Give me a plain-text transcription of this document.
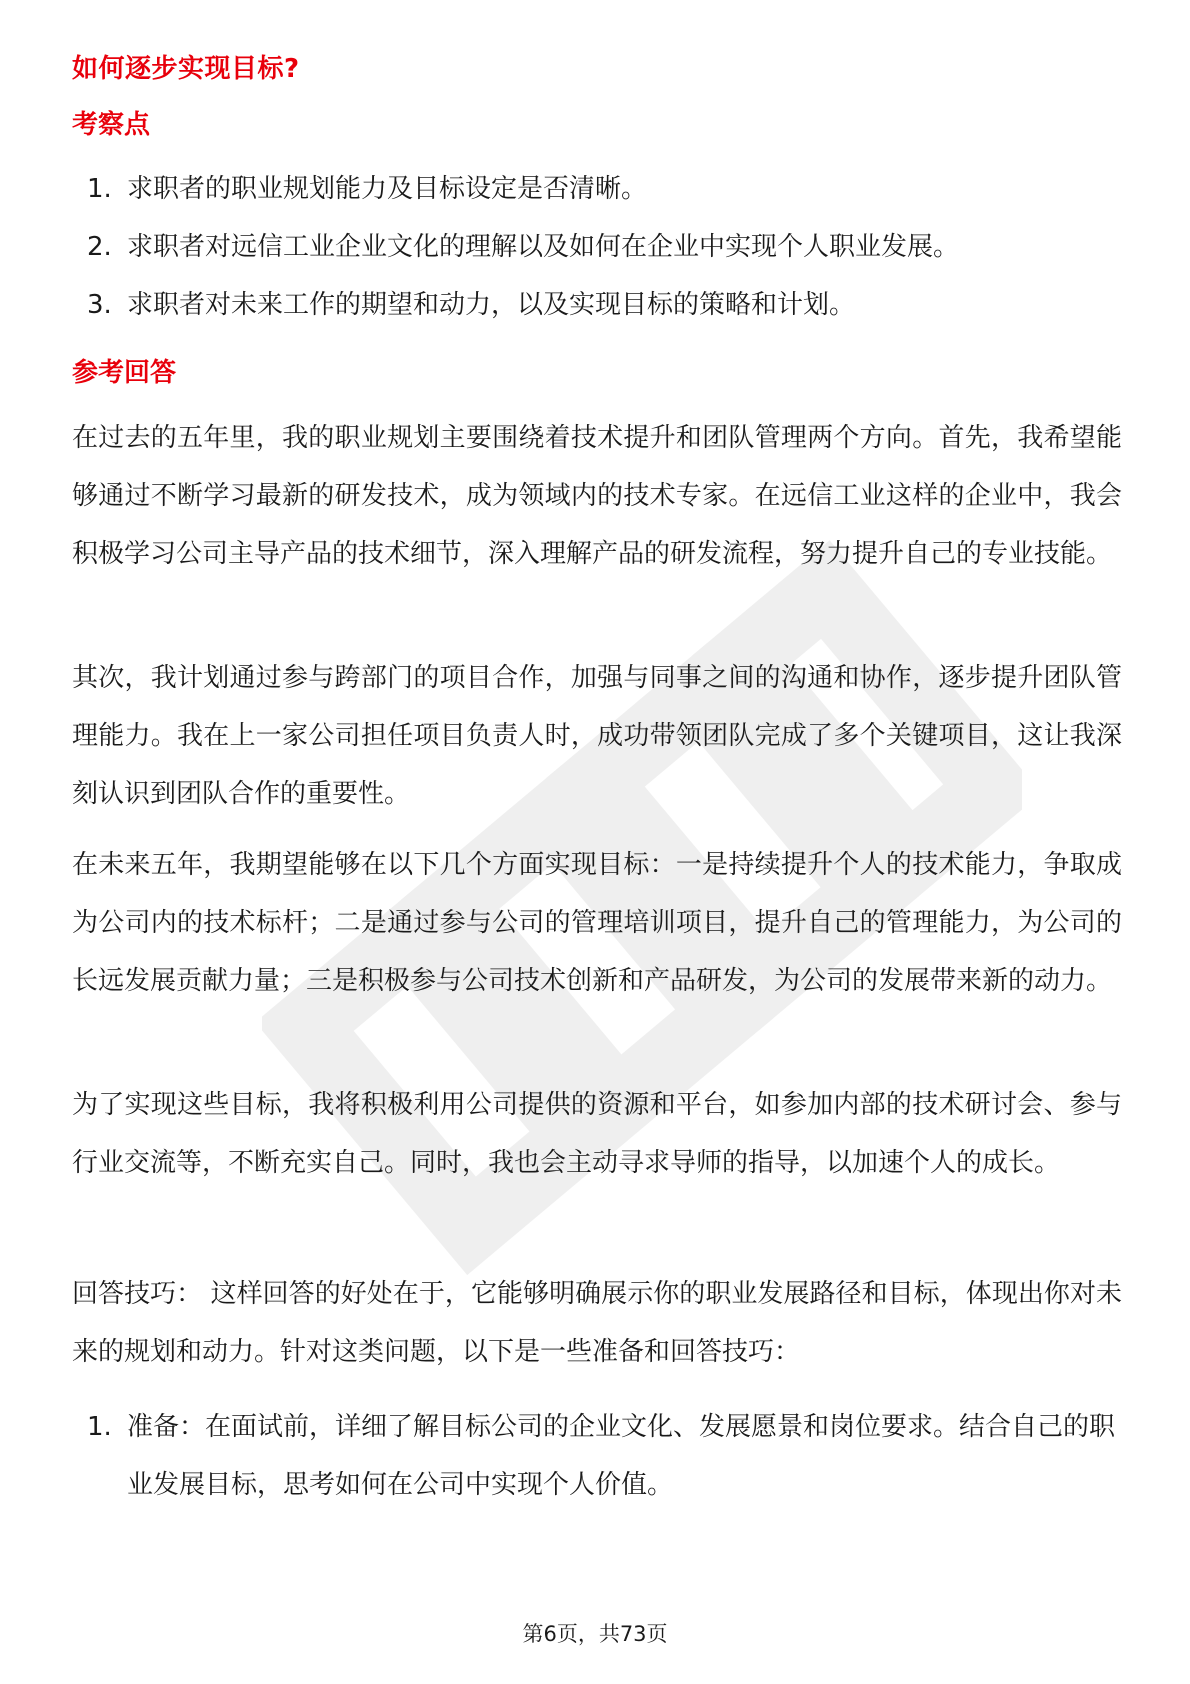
如何逐步实现目标?
考察点
1. 求职者的职业规划能力及目标设定是否清晰。
2. 求职者对远信工业企业文化的理解以及如何在企业中实现个人职业发展。
3. 求职者对未来工作的期望和动力，以及实现目标的策略和计划。
参考回答
在过去的五年里，我的职业规划主要围绕着技术提升和团队管理两个方向。首先，我希望能够通过不断学习最新的研发技术，成为领域内的技术专家。在远信工业这样的企业中，我会积极学习公司主导产品的技术细节，深入理解产品的研发流程，努力提升自己的专业技能。
其次，我计划通过参与跨部门的项目合作，加强与同事之间的沟通和协作，逐步提升团队管理能力。我在上一家公司担任项目负责人时，成功带领团队完成了多个关键项目，这让我深刻认识到团队合作的重要性。
在未来五年，我期望能够在以下几个方面实现目标：一是持续提升个人的技术能力，争取成为公司内的技术标杆；二是通过参与公司的管理培训项目，提升自己的管理能力，为公司的长远发展贡献力量；三是积极参与公司技术创新和产品研发，为公司的发展带来新的动力。
为了实现这些目标，我将积极利用公司提供的资源和平台，如参加内部的技术研讨会、参与行业交流等，不断充实自己。同时，我也会主动寻求导师的指导，以加速个人的成长。
回答技巧： 这样回答的好处在于，它能够明确展示你的职业发展路径和目标，体现出你对未来的规划和动力。针对这类问题，以下是一些准备和回答技巧：
1. 准备：在面试前，详细了解目标公司的企业文化、发展愿景和岗位要求。结合自己的职业发展目标，思考如何在公司中实现个人价值。
第6页，共73页
